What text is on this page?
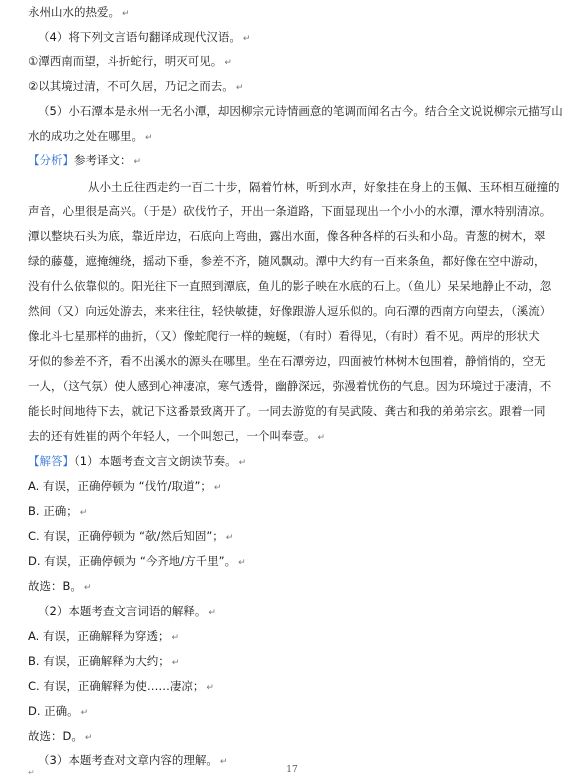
永州山水的热爱。 ↵
（4）将下列文言语句翻译成现代汉语。 ↵
①潭西南而望，斗折蛇行，明灭可见。 ↵
②以其境过清，不可久居，乃记之而去。 ↵
（5）小石潭本是永州一无名小潭，却因柳宗元诗情画意的笔调而闻名古今。结合全文说说柳宗元描写山
水的成功之处在哪里。 ↵
【分析】参考译文： ↵
从小土丘往西走约一百二十步，隔着竹林，听到水声，好象挂在身上的玉佩、玉环相互碰撞的
声音，心里很是高兴。（于是）砍伐竹子，开出一条道路，下面显现出一个小小的水潭，潭水特别清凉。
潭以整块石头为底，靠近岸边，石底向上弯曲，露出水面，像各种各样的石头和小岛。青葱的树木，翠
绿的藤蔓，遮掩缠绕，摇动下垂，参差不齐，随风飘动。潭中大约有一百来条鱼，都好像在空中游动，
没有什么依靠似的。阳光往下一直照到潭底，鱼儿的影子映在水底的石上。（鱼儿）呆呆地静止不动，忽
然间（又）向远处游去，来来往往，轻快敏捷，好像跟游人逗乐似的。向石潭的西南方向望去，（溪流）
像北斗七星那样的曲折，（又）像蛇爬行一样的蜿蜒，（有时）看得见，（有时）看不见。两岸的形状犬
牙似的参差不齐，看不出溪水的源头在哪里。坐在石潭旁边，四面被竹林树木包围着，静悄悄的，空无
一人，（这气氛）使人感到心神凄凉，寒气透骨，幽静深远，弥漫着忧伤的气息。因为环境过于凄清，不
能长时间地待下去，就记下这番景致离开了。一同去游览的有吴武陵、龚古和我的弟弟宗玄。跟着一同
去的还有姓崔的两个年轻人，一个叫恕己，一个叫奉壹。 ↵
【解答】（1）本题考查文言文朗读节奏。 ↵
A. 有误，正确停顿为 “伐竹/取道”； ↵
B. 正确； ↵
C. 有误，正确停顿为 “欹/然后知固”； ↵
D. 有误，正确停顿为 “今齐地/方千里”。 ↵
故选：B。 ↵
（2）本题考查文言词语的解释。 ↵
A. 有误，正确解释为穿透； ↵
B. 有误，正确解释为大约； ↵
C. 有误，正确解释为使……凄凉； ↵
D. 正确。 ↵
故选：D。 ↵
（3）本题考查对文章内容的理解。 ↵
↵	17
